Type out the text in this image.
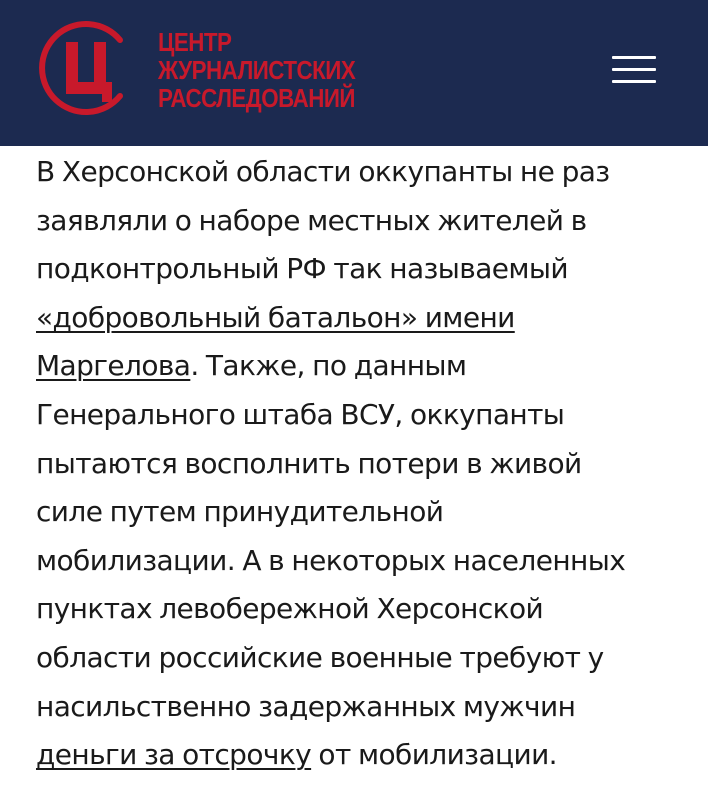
Ц
ЦЕНТР
ЖУРНАЛИСТСКИХ
РАССЛЕДОВАНИЙ
В Херсонской области оккупанты не раз
заявляли о наборе местных жителей в
подконтрольный РФ так называемый
«добровольный батальон» имени
Маргелова. Также, по данным
Генерального штаба ВСУ, оккупанты
пытаются восполнить потери в живой
силе путем принудительной
мобилизации. А в некоторых населенных
пунктах левобережной Херсонской
области российские военные требуют у
насильственно задержанных мужчин
деньги за отсрочку от мобилизации.
